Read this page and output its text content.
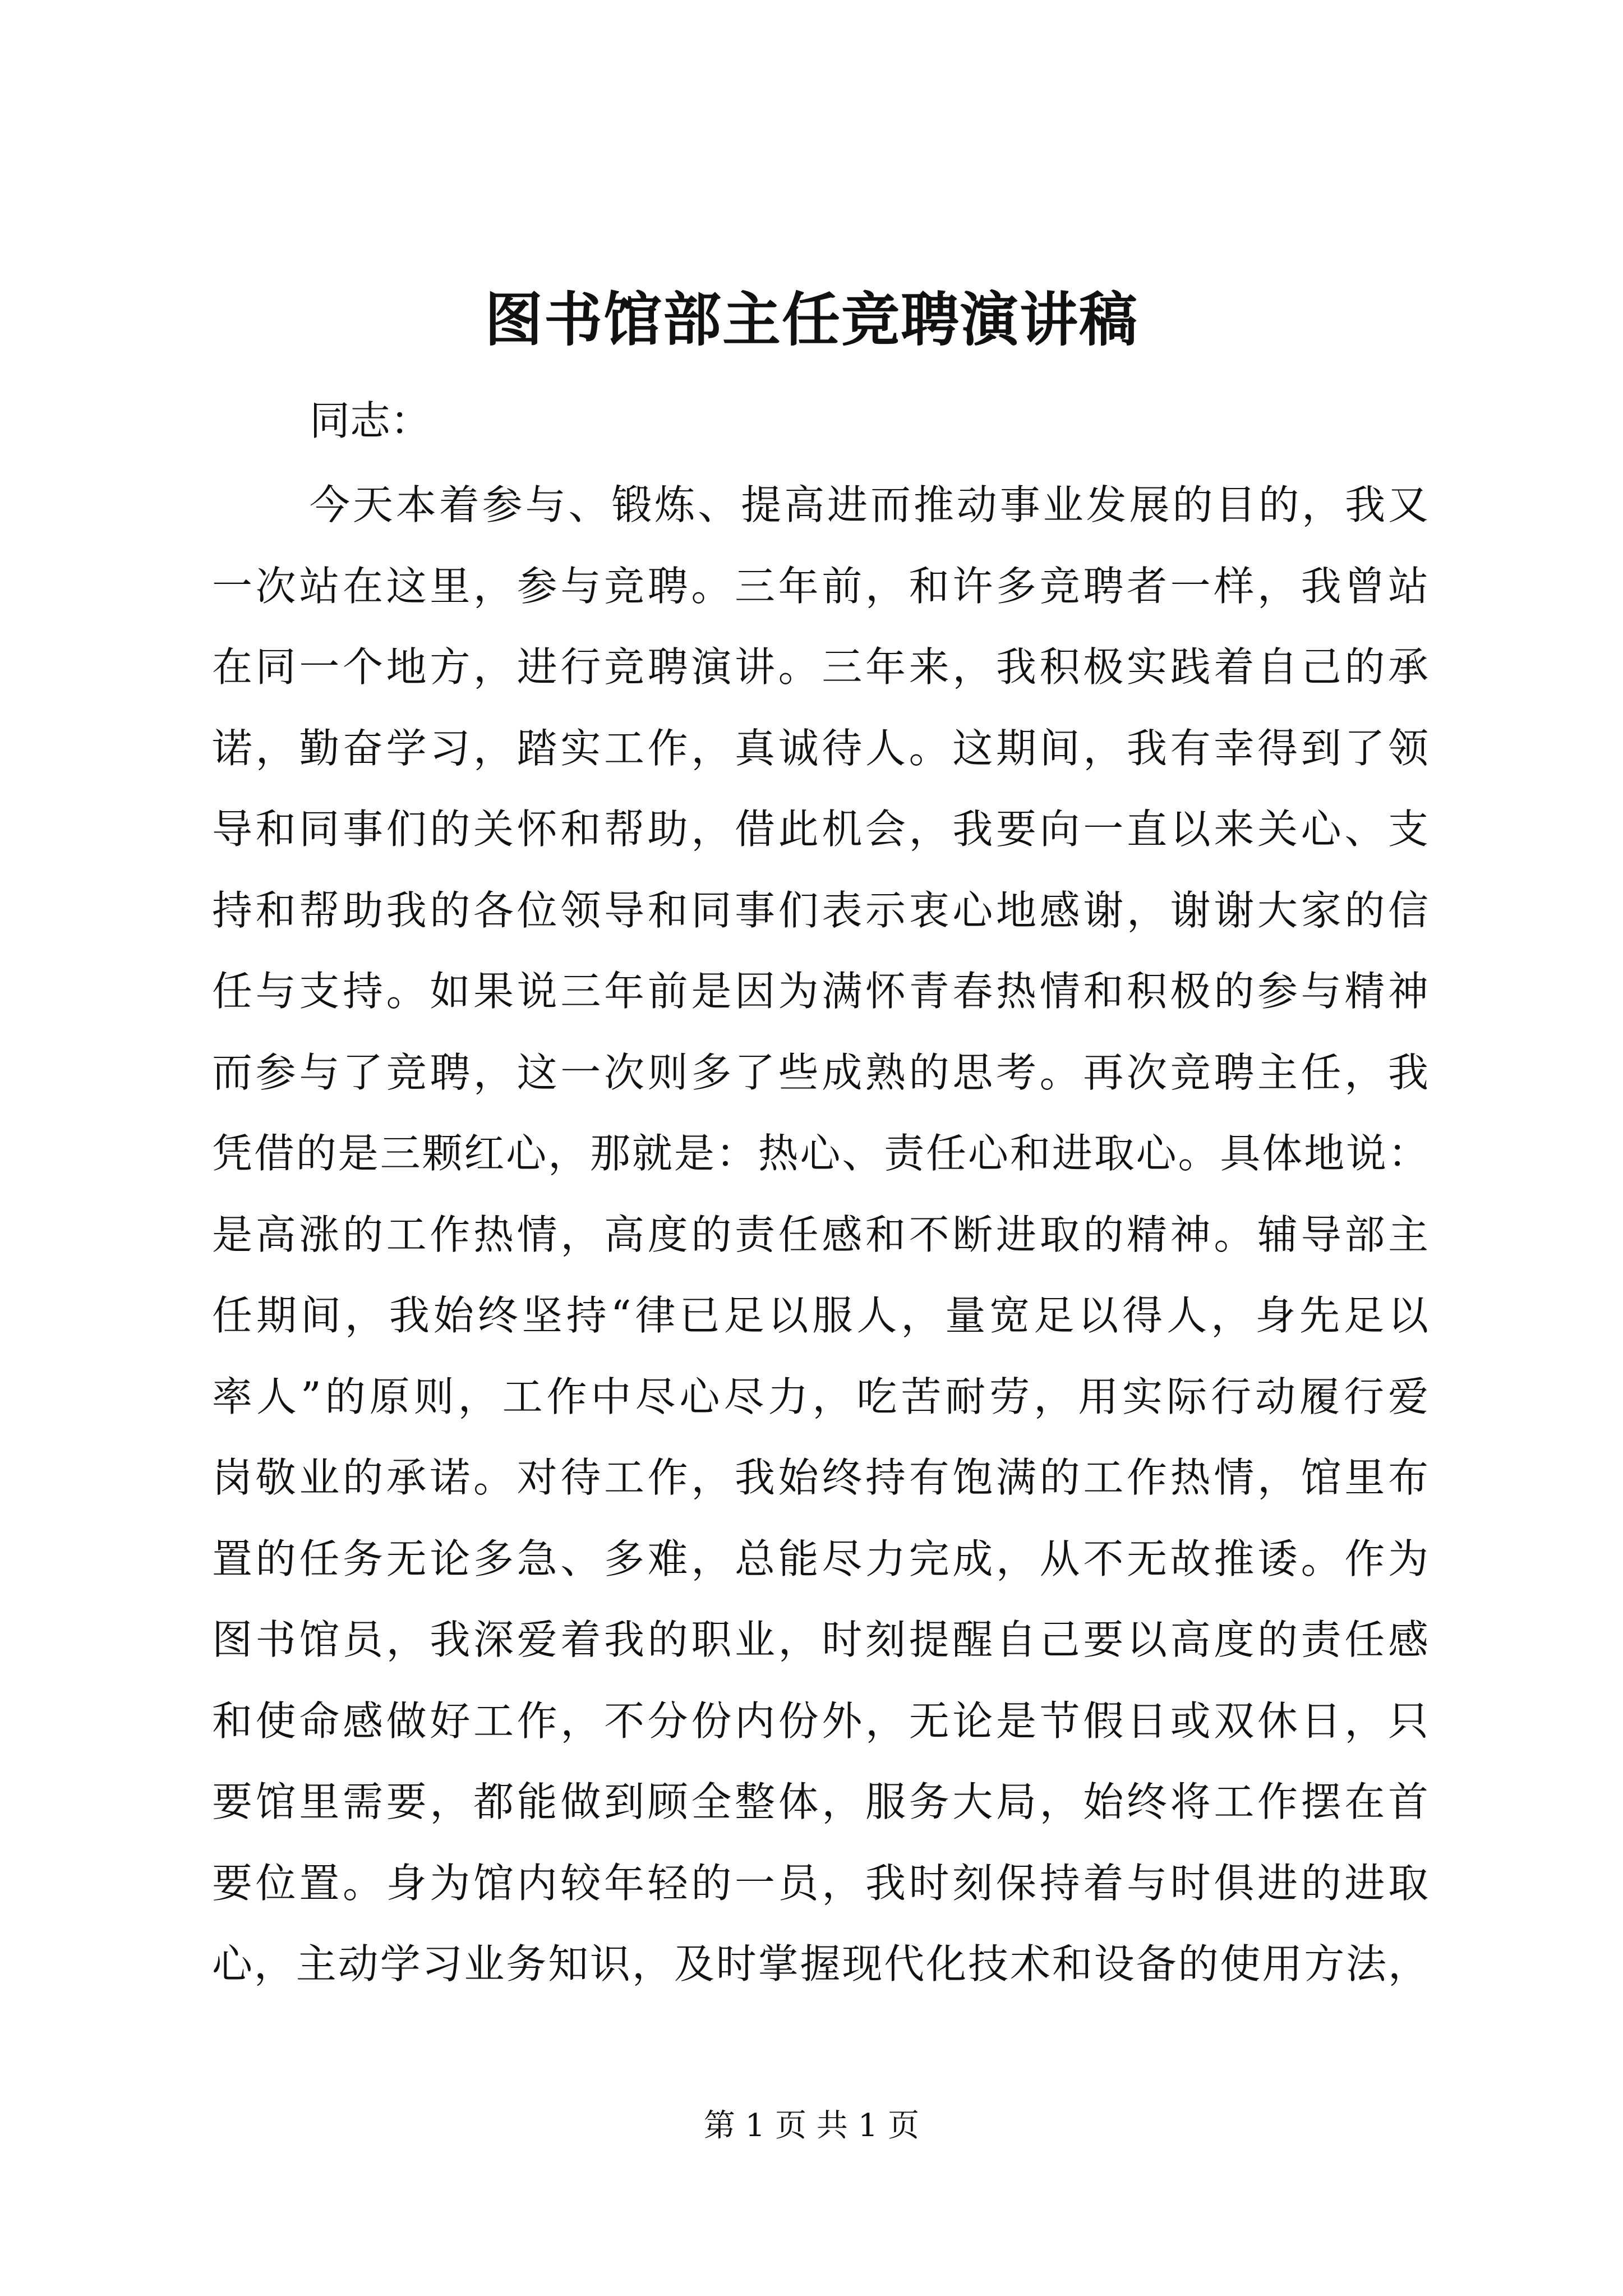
图书馆部主任竞聘演讲稿
同志：
今天本着参与、锻炼、提高进而推动事业发展的目的，我又
一次站在这里，参与竞聘。三年前，和许多竞聘者一样，我曾站
在同一个地方，进行竞聘演讲。三年来，我积极实践着自己的承
诺，勤奋学习，踏实工作，真诚待人。这期间，我有幸得到了领
导和同事们的关怀和帮助，借此机会，我要向一直以来关心、支
持和帮助我的各位领导和同事们表示衷心地感谢，谢谢大家的信
任与支持。如果说三年前是因为满怀青春热情和积极的参与精神
而参与了竞聘，这一次则多了些成熟的思考。再次竞聘主任，我
凭借的是三颗红心，那就是：热心、责任心和进取心。具体地说：
是高涨的工作热情，高度的责任感和不断进取的精神。辅导部主
任期间，我始终坚持“律已足以服人，量宽足以得人，身先足以
率人”的原则，工作中尽心尽力，吃苦耐劳，用实际行动履行爱
岗敬业的承诺。对待工作，我始终持有饱满的工作热情，馆里布
置的任务无论多急、多难，总能尽力完成，从不无故推诿。作为
图书馆员，我深爱着我的职业，时刻提醒自己要以高度的责任感
和使命感做好工作，不分份内份外，无论是节假日或双休日，只
要馆里需要，都能做到顾全整体，服务大局，始终将工作摆在首
要位置。身为馆内较年轻的一员，我时刻保持着与时俱进的进取
心，主动学习业务知识，及时掌握现代化技术和设备的使用方法，
第 1 页 共 1 页
